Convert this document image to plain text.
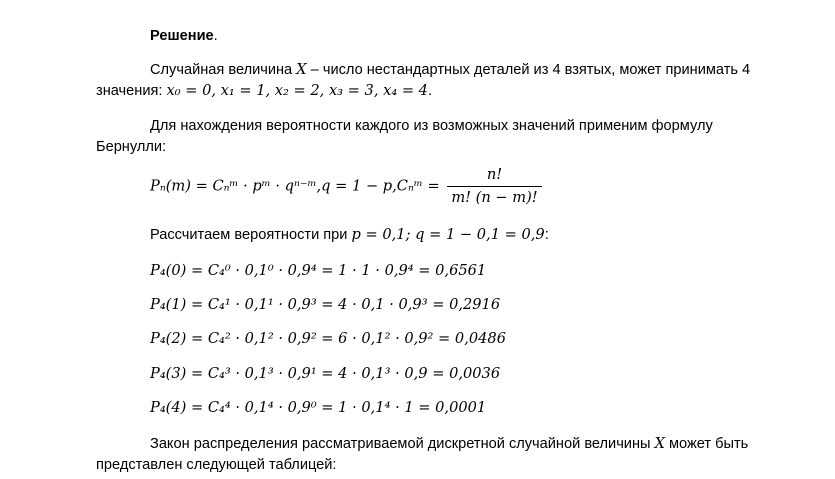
Решение.
Случайная величина X – число нестандартных деталей из 4 взятых, может принимать 4
значения: x₀ = 0, x₁ = 1, x₂ = 2, x₃ = 3, x₄ = 4.
Для нахождения вероятности каждого из возможных значений применим формулу
Бернулли:
Pₙ(m) = Cₙᵐ · pᵐ · qⁿ⁻ᵐ,q = 1 − p,Cₙᵐ = $\frac{n!}{m! (n - m)!}$
Рассчитаем вероятности при p = 0,1; q = 1 − 0,1 = 0,9:
P₄(0) = C₄⁰ · 0,1⁰ · 0,9⁴ = 1 · 1 · 0,9⁴ = 0,6561
P₄(1) = C₄¹ · 0,1¹ · 0,9³ = 4 · 0,1 · 0,9³ = 0,2916
P₄(2) = C₄² · 0,1² · 0,9² = 6 · 0,1² · 0,9² = 0,0486
P₄(3) = C₄³ · 0,1³ · 0,9¹ = 4 · 0,1³ · 0,9 = 0,0036
P₄(4) = C₄⁴ · 0,1⁴ · 0,9⁰ = 1 · 0,1⁴ · 1 = 0,0001
Закон распределения рассматриваемой дискретной случайной величины X может быть
представлен следующей таблицей:
